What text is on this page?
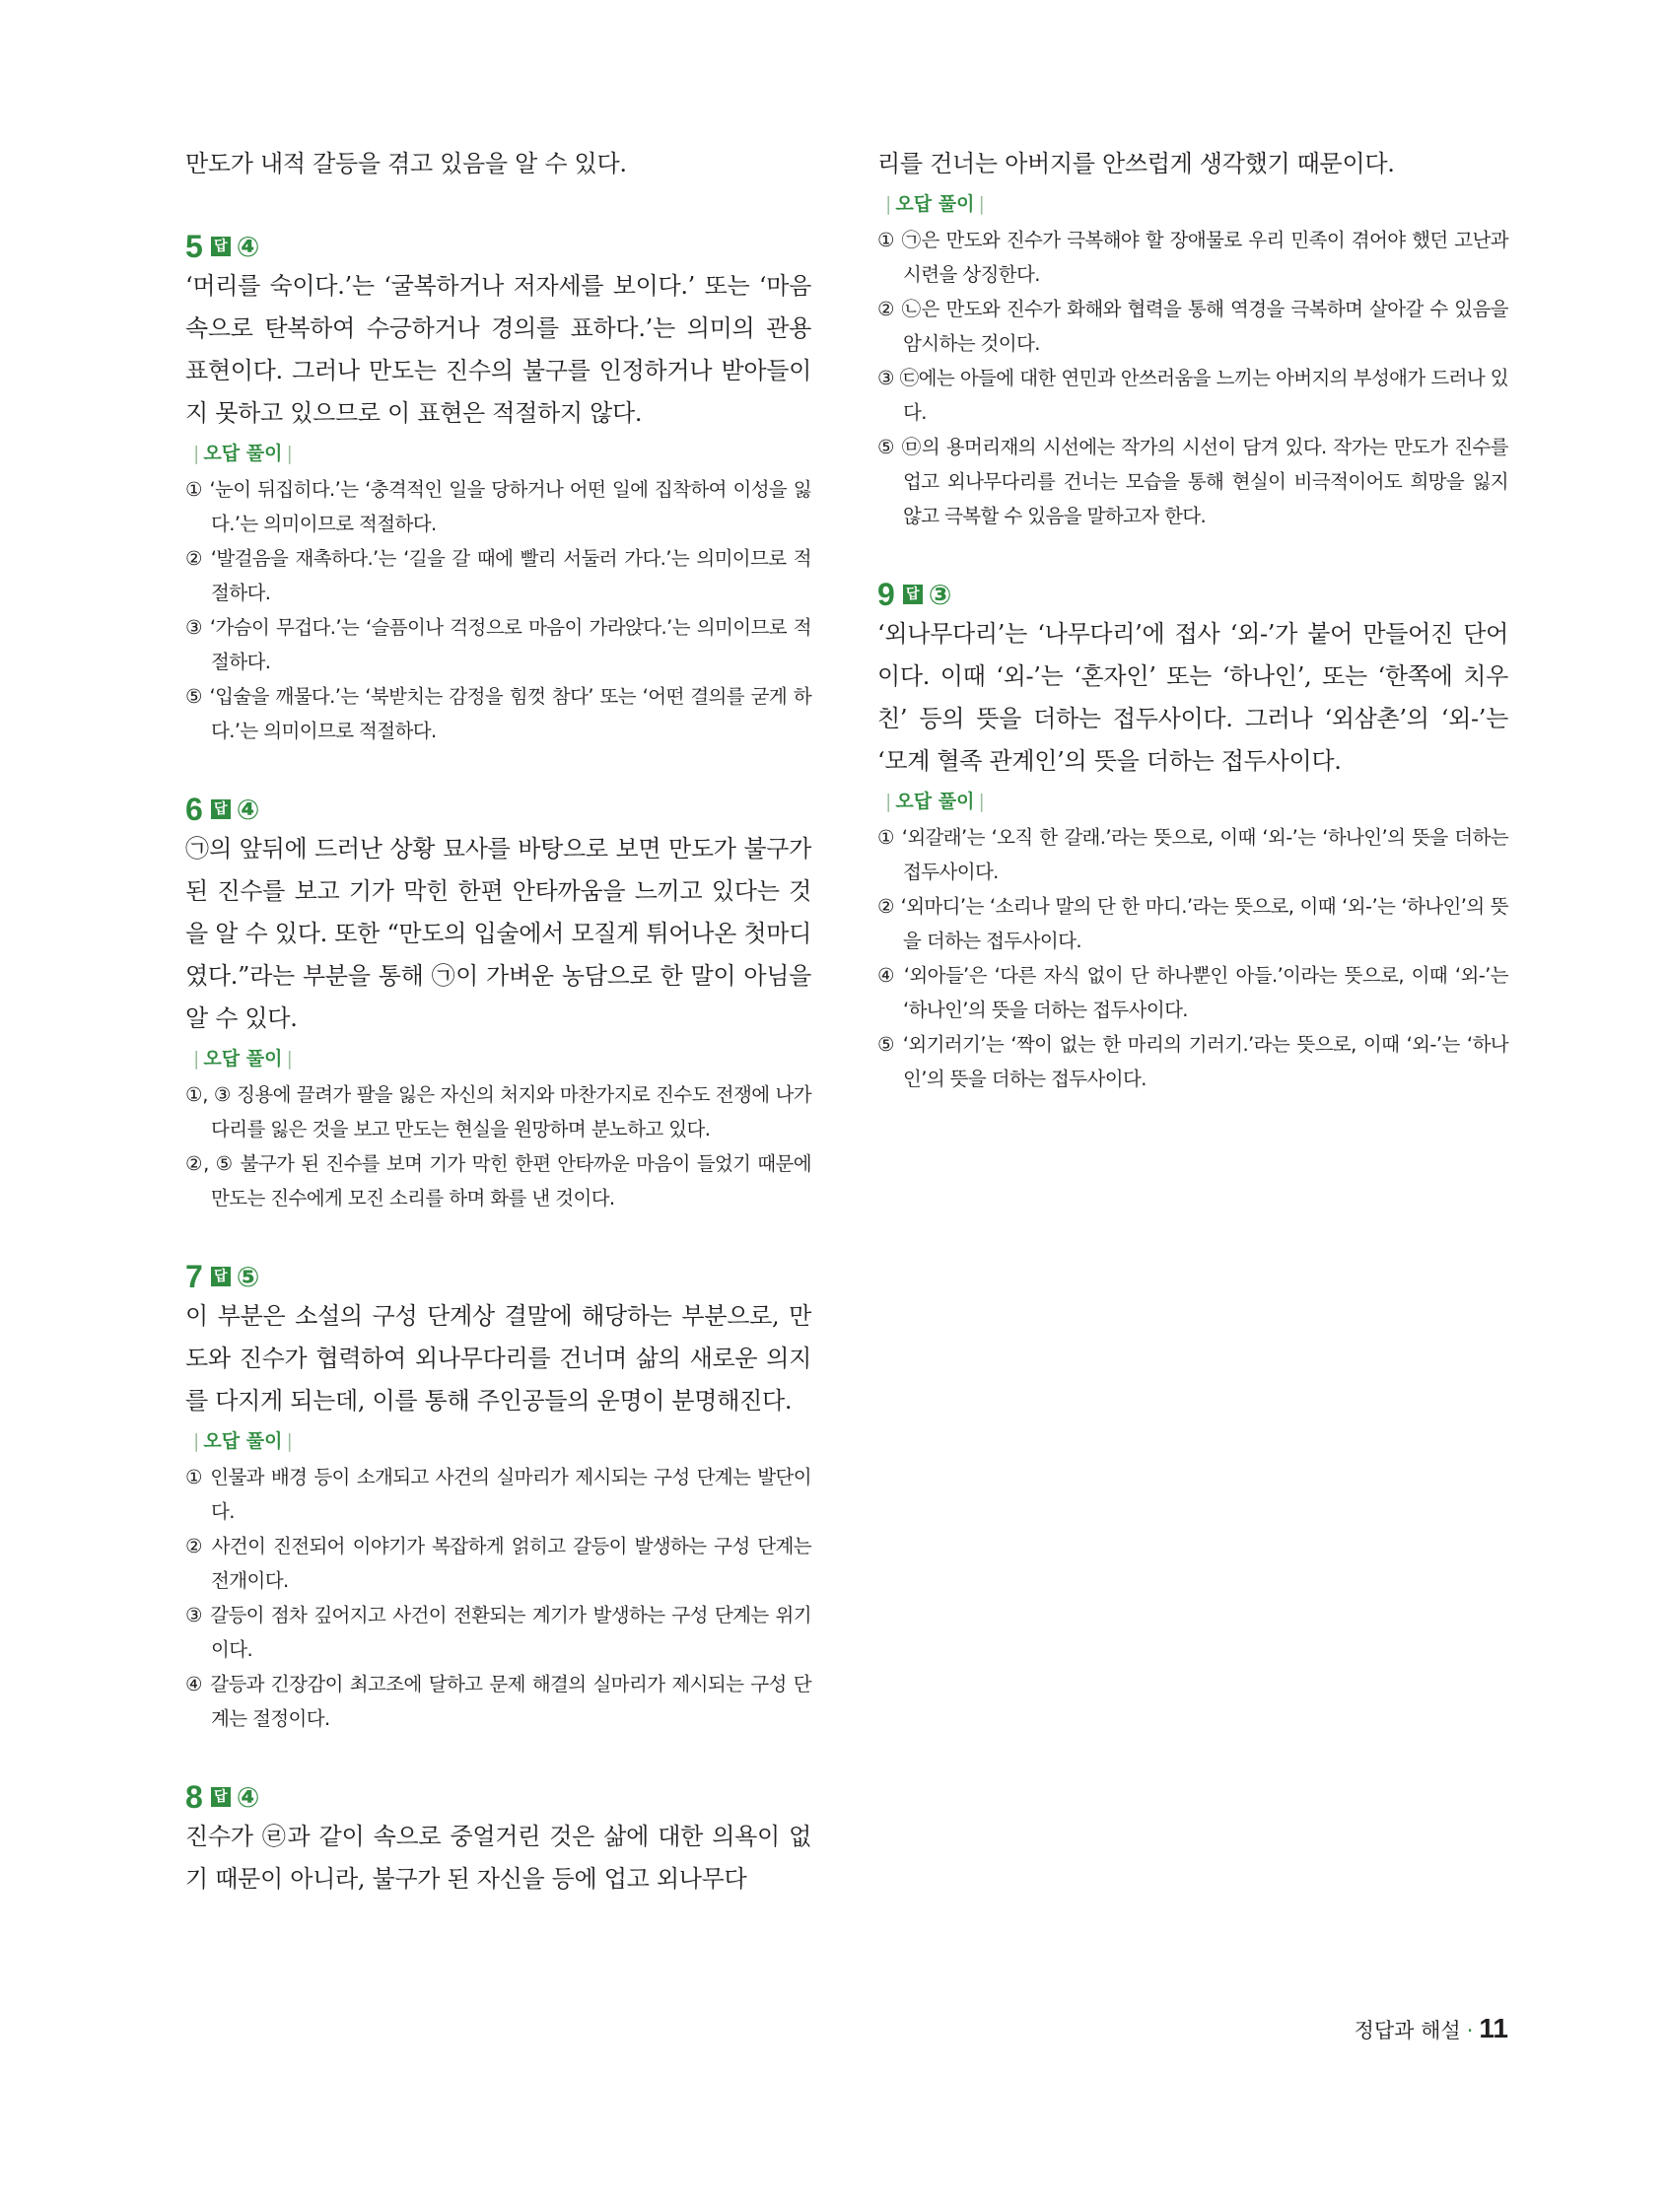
만도가 내적 갈등을 겪고 있음을 알 수 있다.

5 답 ④

‘머리를 숙이다.’는 ‘굴복하거나 저자세를 보이다.’ 또는 ‘마음속으로 탄복하여 수긍하거나 경의를 표하다.’는 의미의 관용 표현이다. 그러나 만도는 진수의 불구를 인정하거나 받아들이지 못하고 있으므로 이 표현은 적절하지 않다.

| 오답 풀이 |
① ‘눈이 뒤집히다.’는 ‘충격적인 일을 당하거나 어떤 일에 집착하여 이성을 잃다.’는 의미이므로 적절하다.
② ‘발걸음을 재촉하다.’는 ‘길을 갈 때에 빨리 서둘러 가다.’는 의미이므로 적절하다.
③ ‘가슴이 무겁다.’는 ‘슬픔이나 걱정으로 마음이 가라앉다.’는 의미이므로 적절하다.
⑤ ‘입술을 깨물다.’는 ‘북받치는 감정을 힘껏 참다’ 또는 ‘어떤 결의를 굳게 하다.’는 의미이므로 적절하다.
6 답 ④

㉠의 앞뒤에 드러난 상황 묘사를 바탕으로 보면 만도가 불구가 된 진수를 보고 기가 막힌 한편 안타까움을 느끼고 있다는 것을 알 수 있다. 또한 “만도의 입술에서 모질게 튀어나온 첫마디였다.”라는 부분을 통해 ㉠이 가벼운 농담으로 한 말이 아님을 알 수 있다.

| 오답 풀이 |
①, ③ 징용에 끌려가 팔을 잃은 자신의 처지와 마찬가지로 진수도 전쟁에 나가 다리를 잃은 것을 보고 만도는 현실을 원망하며 분노하고 있다.
②, ⑤ 불구가 된 진수를 보며 기가 막힌 한편 안타까운 마음이 들었기 때문에 만도는 진수에게 모진 소리를 하며 화를 낸 것이다.
7 답 ⑤

이 부분은 소설의 구성 단계상 결말에 해당하는 부분으로, 만도와 진수가 협력하여 외나무다리를 건너며 삶의 새로운 의지를 다지게 되는데, 이를 통해 주인공들의 운명이 분명해진다.

| 오답 풀이 |
① 인물과 배경 등이 소개되고 사건의 실마리가 제시되는 구성 단계는 발단이다.
② 사건이 진전되어 이야기가 복잡하게 얽히고 갈등이 발생하는 구성 단계는 전개이다.
③ 갈등이 점차 깊어지고 사건이 전환되는 계기가 발생하는 구성 단계는 위기이다.
④ 갈등과 긴장감이 최고조에 달하고 문제 해결의 실마리가 제시되는 구성 단계는 절정이다.
8 답 ④

진수가 ㉣과 같이 속으로 중얼거린 것은 삶에 대한 의욕이 없기 때문이 아니라, 불구가 된 자신을 등에 업고 외나무다

리를 건너는 아버지를 안쓰럽게 생각했기 때문이다.

| 오답 풀이 |
① ㉠은 만도와 진수가 극복해야 할 장애물로 우리 민족이 겪어야 했던 고난과 시련을 상징한다.
② ㉡은 만도와 진수가 화해와 협력을 통해 역경을 극복하며 살아갈 수 있음을 암시하는 것이다.
③ ㉢에는 아들에 대한 연민과 안쓰러움을 느끼는 아버지의 부성애가 드러나 있다.
⑤ ㉤의 용머리재의 시선에는 작가의 시선이 담겨 있다. 작가는 만도가 진수를 업고 외나무다리를 건너는 모습을 통해 현실이 비극적이어도 희망을 잃지 않고 극복할 수 있음을 말하고자 한다.
9 답 ③

‘외나무다리’는 ‘나무다리’에 접사 ‘외-’가 붙어 만들어진 단어이다. 이때 ‘외-’는 ‘혼자인’ 또는 ‘하나인’, 또는 ‘한쪽에 치우친’ 등의 뜻을 더하는 접두사이다. 그러나 ‘외삼촌’의 ‘외-’는 ‘모계 혈족 관계인’의 뜻을 더하는 접두사이다.

| 오답 풀이 |
① ‘외갈래’는 ‘오직 한 갈래.’라는 뜻으로, 이때 ‘외-’는 ‘하나인’의 뜻을 더하는 접두사이다.
② ‘외마디’는 ‘소리나 말의 단 한 마디.’라는 뜻으로, 이때 ‘외-’는 ‘하나인’의 뜻을 더하는 접두사이다.
④ ‘외아들’은 ‘다른 자식 없이 단 하나뿐인 아들.’이라는 뜻으로, 이때 ‘외-’는 ‘하나인’의 뜻을 더하는 접두사이다.
⑤ ‘외기러기’는 ‘짝이 없는 한 마리의 기러기.’라는 뜻으로, 이때 ‘외-’는 ‘하나인’의 뜻을 더하는 접두사이다.
정답과 해설 · 11
